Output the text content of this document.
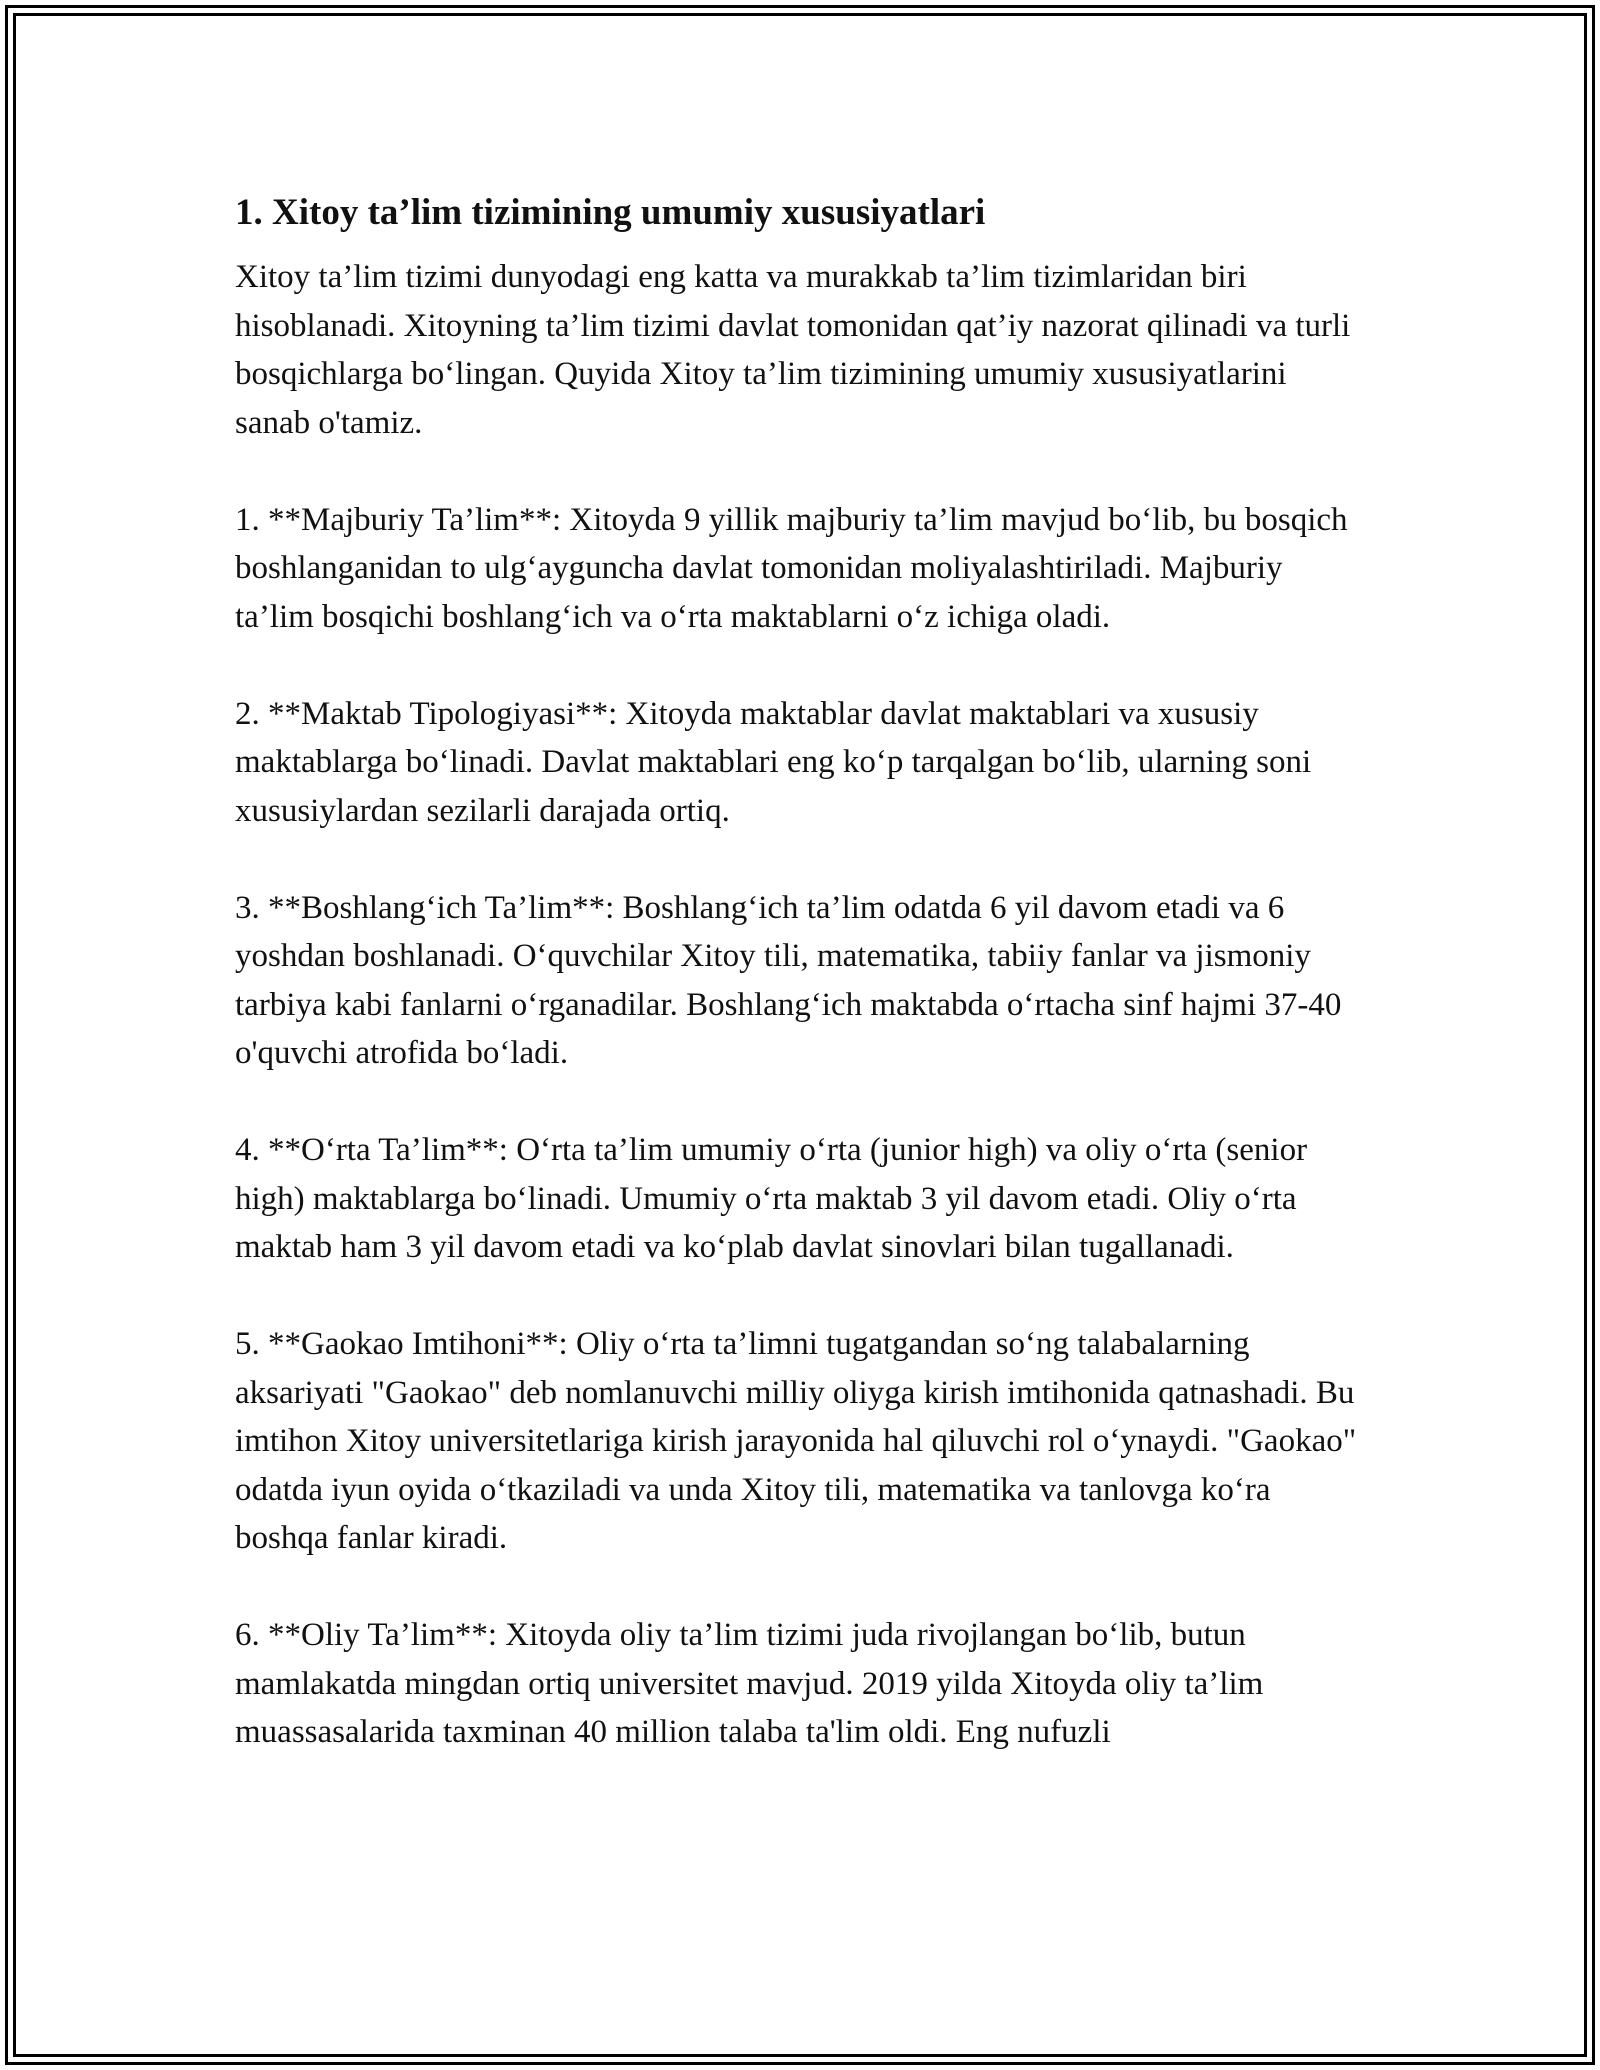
1. Xitoy ta’lim tizimining umumiy xususiyatlari

Xitoy ta’lim tizimi dunyodagi eng katta va murakkab ta’lim tizimlaridan biri hisoblanadi. Xitoyning ta’lim tizimi davlat tomonidan qat’iy nazorat qilinadi va turli bosqichlarga bo‘lingan. Quyida Xitoy ta’lim tizimining umumiy xususiyatlarini sanab o'tamiz.

1. **Majburiy Ta’lim**: Xitoyda 9 yillik majburiy ta’lim mavjud bo‘lib, bu bosqich boshlanganidan to ulg‘ayguncha davlat tomonidan moliyalashtiriladi. Majburiy ta’lim bosqichi boshlang‘ich va o‘rta maktablarni o‘z ichiga oladi.

2. **Maktab Tipologiyasi**: Xitoyda maktablar davlat maktablari va xususiy maktablarga bo‘linadi. Davlat maktablari eng ko‘p tarqalgan bo‘lib, ularning soni xususiylardan sezilarli darajada ortiq.

3. **Boshlang‘ich Ta’lim**: Boshlang‘ich ta’lim odatda 6 yil davom etadi va 6 yoshdan boshlanadi. O‘quvchilar Xitoy tili, matematika, tabiiy fanlar va jismoniy tarbiya kabi fanlarni o‘rganadilar. Boshlang‘ich maktabda o‘rtacha sinf hajmi 37-40 o'quvchi atrofida bo‘ladi.

4. **O‘rta Ta’lim**: O‘rta ta’lim umumiy o‘rta (junior high) va oliy o‘rta (senior high) maktablarga bo‘linadi. Umumiy o‘rta maktab 3 yil davom etadi. Oliy o‘rta maktab ham 3 yil davom etadi va ko‘plab davlat sinovlari bilan tugallanadi.

5. **Gaokao Imtihoni**: Oliy o‘rta ta’limni tugatgandan so‘ng talabalarning aksariyati "Gaokao" deb nomlanuvchi milliy oliyga kirish imtihonida qatnashadi. Bu imtihon Xitoy universitetlariga kirish jarayonida hal qiluvchi rol o‘ynaydi. "Gaokao" odatda iyun oyida o‘tkaziladi va unda Xitoy tili, matematika va tanlovga ko‘ra boshqa fanlar kiradi.

6. **Oliy Ta’lim**: Xitoyda oliy ta’lim tizimi juda rivojlangan bo‘lib, butun mamlakatda mingdan ortiq universitet mavjud. 2019 yilda Xitoyda oliy ta’lim muassasalarida taxminan 40 million talaba ta'lim oldi. Eng nufuzli
